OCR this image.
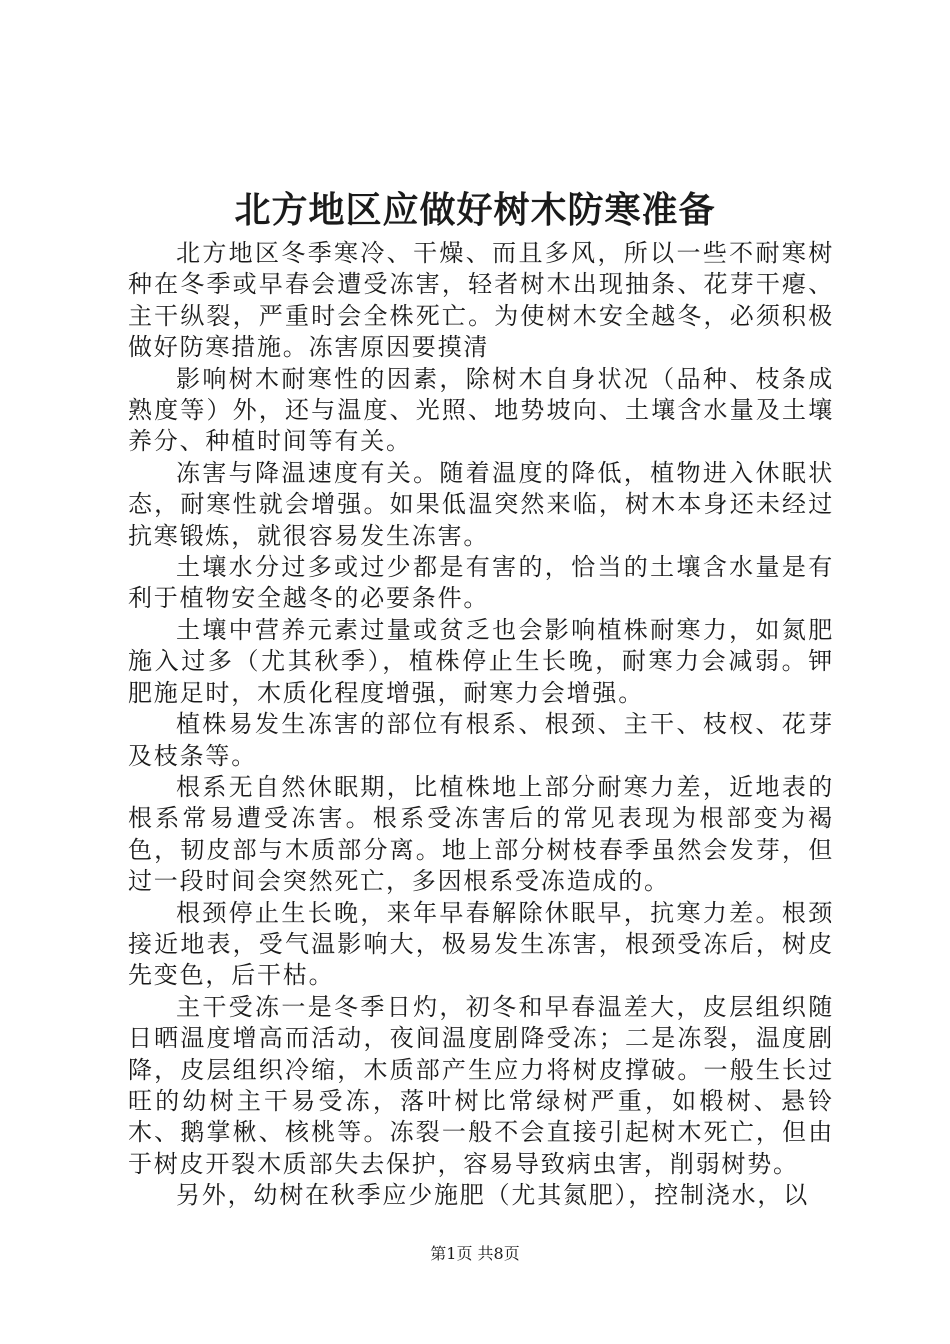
北方地区应做好树木防寒准备

北方地区冬季寒冷、干燥、而且多风，所以一些不耐寒树种在冬季或早春会遭受冻害，轻者树木出现抽条、花芽干瘪、主干纵裂，严重时会全株死亡。为使树木安全越冬，必须积极做好防寒措施。冻害原因要摸清

影响树木耐寒性的因素，除树木自身状况（品种、枝条成熟度等）外，还与温度、光照、地势坡向、土壤含水量及土壤养分、种植时间等有关。

冻害与降温速度有关。随着温度的降低，植物进入休眠状态，耐寒性就会增强。如果低温突然来临，树木本身还未经过抗寒锻炼，就很容易发生冻害。

土壤水分过多或过少都是有害的，恰当的土壤含水量是有利于植物安全越冬的必要条件。

土壤中营养元素过量或贫乏也会影响植株耐寒力，如氮肥施入过多（尤其秋季），植株停止生长晚，耐寒力会减弱。钾肥施足时，木质化程度增强，耐寒力会增强。

植株易发生冻害的部位有根系、根颈、主干、枝杈、花芽及枝条等。

根系无自然休眠期，比植株地上部分耐寒力差，近地表的根系常易遭受冻害。根系受冻害后的常见表现为根部变为褐色，韧皮部与木质部分离。地上部分树枝春季虽然会发芽，但过一段时间会突然死亡，多因根系受冻造成的。

根颈停止生长晚，来年早春解除休眠早，抗寒力差。根颈接近地表，受气温影响大，极易发生冻害，根颈受冻后，树皮先变色，后干枯。

主干受冻一是冬季日灼，初冬和早春温差大，皮层组织随日晒温度增高而活动，夜间温度剧降受冻；二是冻裂，温度剧降，皮层组织冷缩，木质部产生应力将树皮撑破。一般生长过旺的幼树主干易受冻，落叶树比常绿树严重，如椴树、悬铃木、鹅掌楸、核桃等。冻裂一般不会直接引起树木死亡，但由于树皮开裂木质部失去保护，容易导致病虫害，削弱树势。

另外，幼树在秋季应少施肥（尤其氮肥），控制浇水，以

第1页 共8页
